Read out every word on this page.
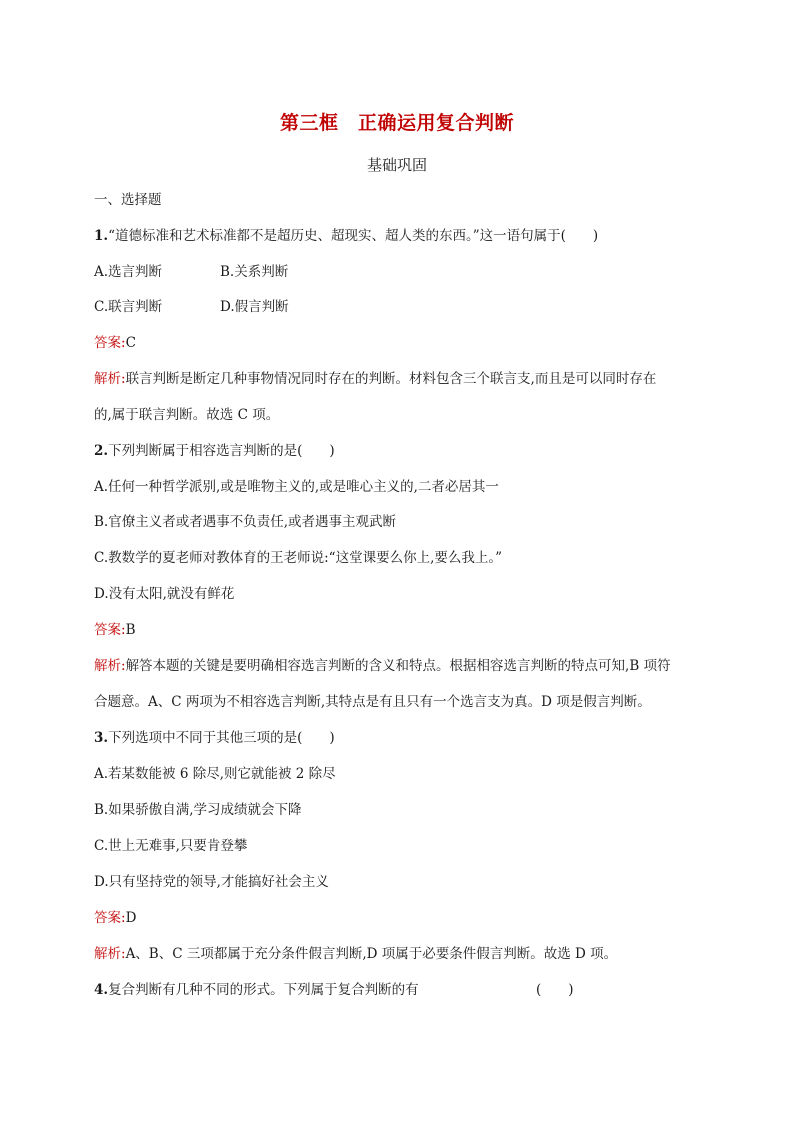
第三框　正确运用复合判断
基础巩固
一、选择题
1.“道德标准和艺术标准都不是超历史、超现实、超人类的东西。”这一语句属于(　　)
A.选言判断	B.关系判断
C.联言判断	D.假言判断
答案:C
解析:联言判断是断定几种事物情况同时存在的判断。材料包含三个联言支,而且是可以同时存在
的,属于联言判断。故选 C 项。
2.下列判断属于相容选言判断的是(　　)
A.任何一种哲学派别,或是唯物主义的,或是唯心主义的,二者必居其一
B.官僚主义者或者遇事不负责任,或者遇事主观武断
C.教数学的夏老师对教体育的王老师说:“这堂课要么你上,要么我上。”
D.没有太阳,就没有鲜花
答案:B
解析:解答本题的关键是要明确相容选言判断的含义和特点。根据相容选言判断的特点可知,B 项符
合题意。A、C 两项为不相容选言判断,其特点是有且只有一个选言支为真。D 项是假言判断。
3.下列选项中不同于其他三项的是(　　)
A.若某数能被 6 除尽,则它就能被 2 除尽
B.如果骄傲自满,学习成绩就会下降
C.世上无难事,只要肯登攀
D.只有坚持党的领导,才能搞好社会主义
答案:D
解析:A、B、C 三项都属于充分条件假言判断,D 项属于必要条件假言判断。故选 D 项。
4.复合判断有几种不同的形式。下列属于复合判断的有	(　　)
